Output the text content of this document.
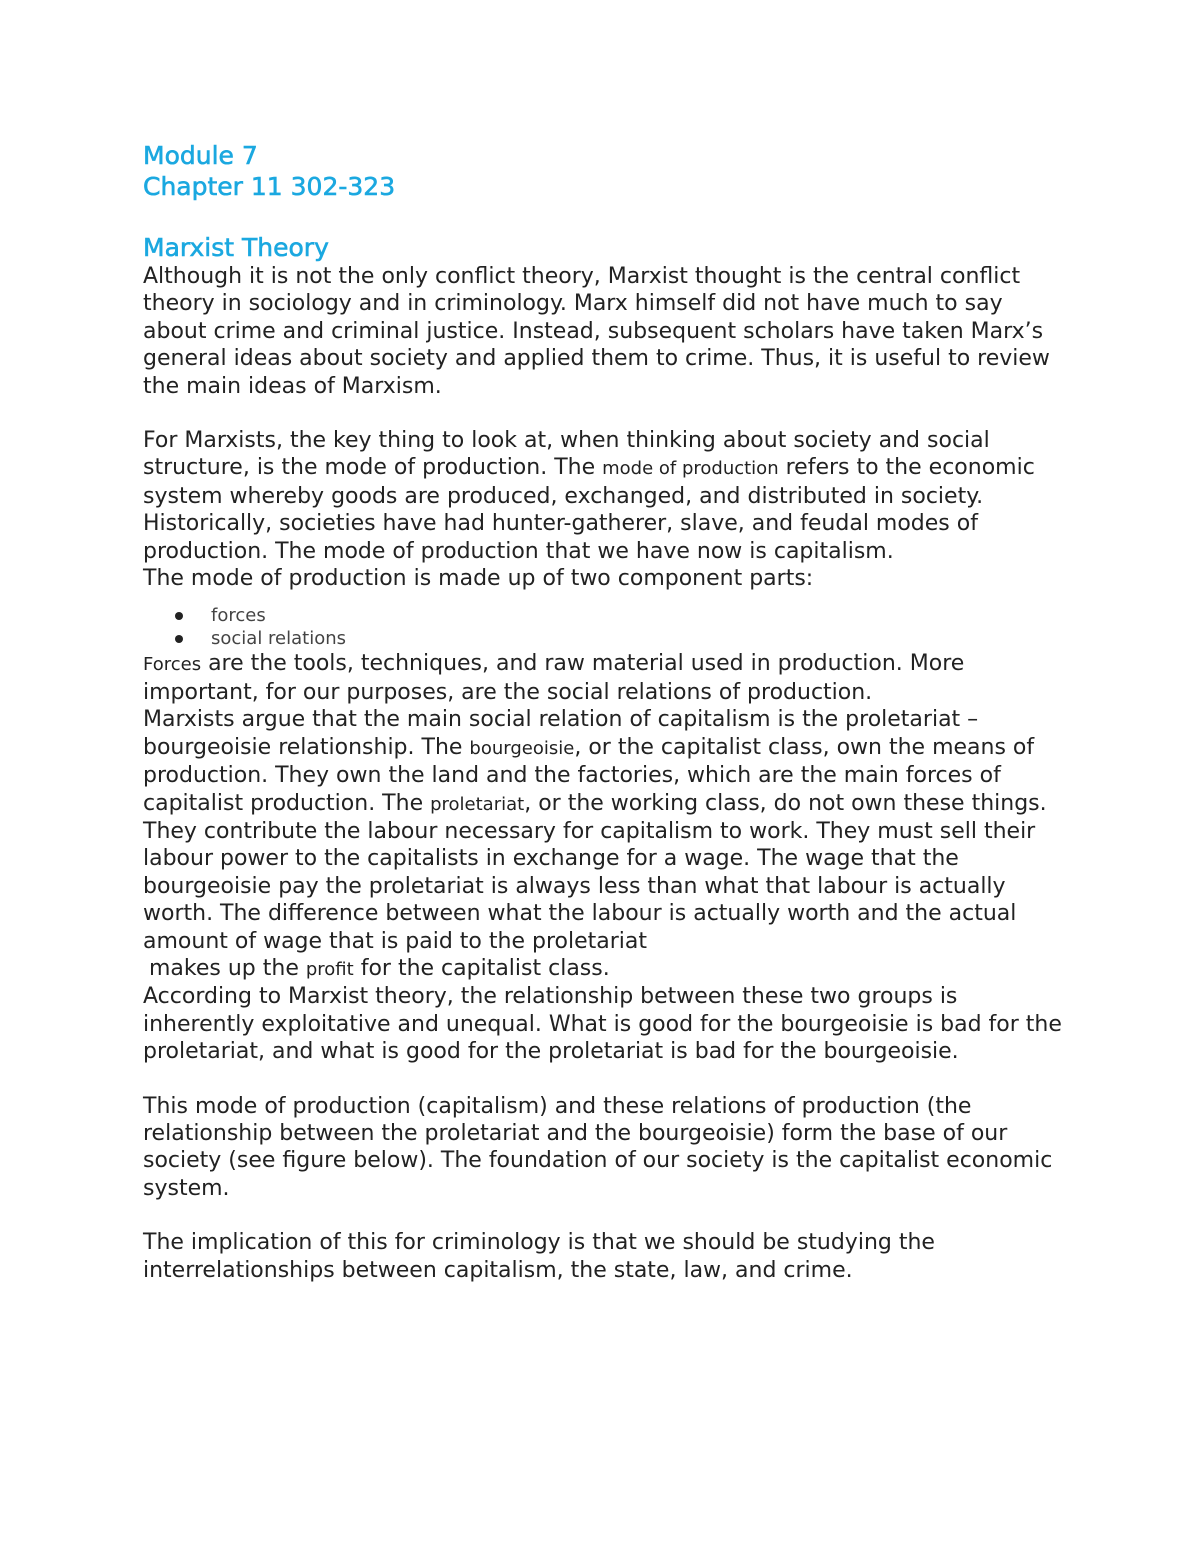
Module 7
Chapter 11 302-323
Marxist Theory

Although it is not the only conflict theory, Marxist thought is the central conflict theory in sociology and in criminology. Marx himself did not have much to say about crime and criminal justice. Instead, subsequent scholars have taken Marx’s general ideas about society and applied them to crime. Thus, it is useful to review the main ideas of Marxism.

For Marxists, the key thing to look at, when thinking about society and social structure, is the mode of production. The mode of production refers to the economic system whereby goods are produced, exchanged, and distributed in society. Historically, societies have had hunter-gatherer, slave, and feudal modes of production. The mode of production that we have now is capitalism.

The mode of production is made up of two component parts:

forces
social relations

Forces are the tools, techniques, and raw material used in production. More important, for our purposes, are the social relations of production.

Marxists argue that the main social relation of capitalism is the proletariat – bourgeoisie relationship. The bourgeoisie, or the capitalist class, own the means of production. They own the land and the factories, which are the main forces of capitalist production. The proletariat, or the working class, do not own these things. They contribute the labour necessary for capitalism to work. They must sell their labour power to the capitalists in exchange for a wage. The wage that the bourgeoisie pay the proletariat is always less than what that labour is actually worth. The difference between what the labour is actually worth and the actual amount of wage that is paid to the proletariat
makes up the profit for the capitalist class.

According to Marxist theory, the relationship between these two groups is inherently exploitative and unequal. What is good for the bourgeoisie is bad for the proletariat, and what is good for the proletariat is bad for the bourgeoisie.

This mode of production (capitalism) and these relations of production (the relationship between the proletariat and the bourgeoisie) form the base of our society (see figure below). The foundation of our society is the capitalist economic system.

The implication of this for criminology is that we should be studying the interrelationships between capitalism, the state, law, and crime.
